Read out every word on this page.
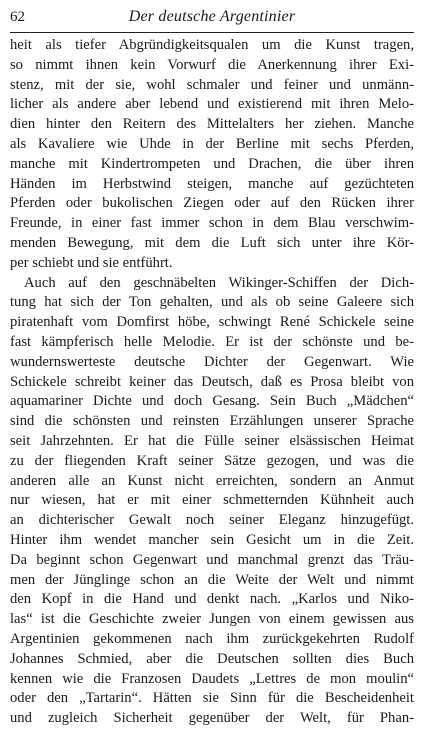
62	Der deutsche Argentinier
heit als tiefer Abgründigkeitsqualen um die Kunst tragen,
so nimmt ihnen kein Vorwurf die Anerkennung ihrer Exi-
stenz, mit der sie, wohl schmaler und feiner und unmänn-
licher als andere aber lebend und existierend mit ihren Melo-
dien hinter den Reitern des Mittelalters her ziehen. Manche
als Kavaliere wie Uhde in der Berline mit sechs Pferden,
manche mit Kindertrompeten und Drachen, die über ihren
Händen im Herbstwind steigen, manche auf gezüchteten
Pferden oder bukolischen Ziegen oder auf den Rücken ihrer
Freunde, in einer fast immer schon in dem Blau verschwim-
menden Bewegung, mit dem die Luft sich unter ihre Kör-
per schiebt und sie entführt.
Auch auf den geschnäbelten Wikinger-Schiffen der Dich-
tung hat sich der Ton gehalten, und als ob seine Galeere sich
piratenhaft vom Domfirst höbe, schwingt René Schickele seine
fast kämpferisch helle Melodie. Er ist der schönste und be-
wundernswerteste deutsche Dichter der Gegenwart. Wie
Schickele schreibt keiner das Deutsch, daß es Prosa bleibt von
aquamariner Dichte und doch Gesang. Sein Buch „Mädchen“
sind die schönsten und reinsten Erzählungen unserer Sprache
seit Jahrzehnten. Er hat die Fülle seiner elsässischen Heimat
zu der fliegenden Kraft seiner Sätze gezogen, und was die
anderen alle an Kunst nicht erreichten, sondern an Anmut
nur wiesen, hat er mit einer schmetternden Kühnheit auch
an dichterischer Gewalt noch seiner Eleganz hinzugefügt.
Hinter ihm wendet mancher sein Gesicht um in die Zeit.
Da beginnt schon Gegenwart und manchmal grenzt das Träu-
men der Jünglinge schon an die Weite der Welt und nimmt
den Kopf in die Hand und denkt nach. „Karlos und Niko-
las“ ist die Geschichte zweier Jungen von einem gewissen aus
Argentinien gekommenen nach ihm zurückgekehrten Rudolf
Johannes Schmied, aber die Deutschen sollten dies Buch
kennen wie die Franzosen Daudets „Lettres de mon moulin“
oder den „Tartarin“. Hätten sie Sinn für die Bescheidenheit
und zugleich Sicherheit gegenüber der Welt, für Phan-
